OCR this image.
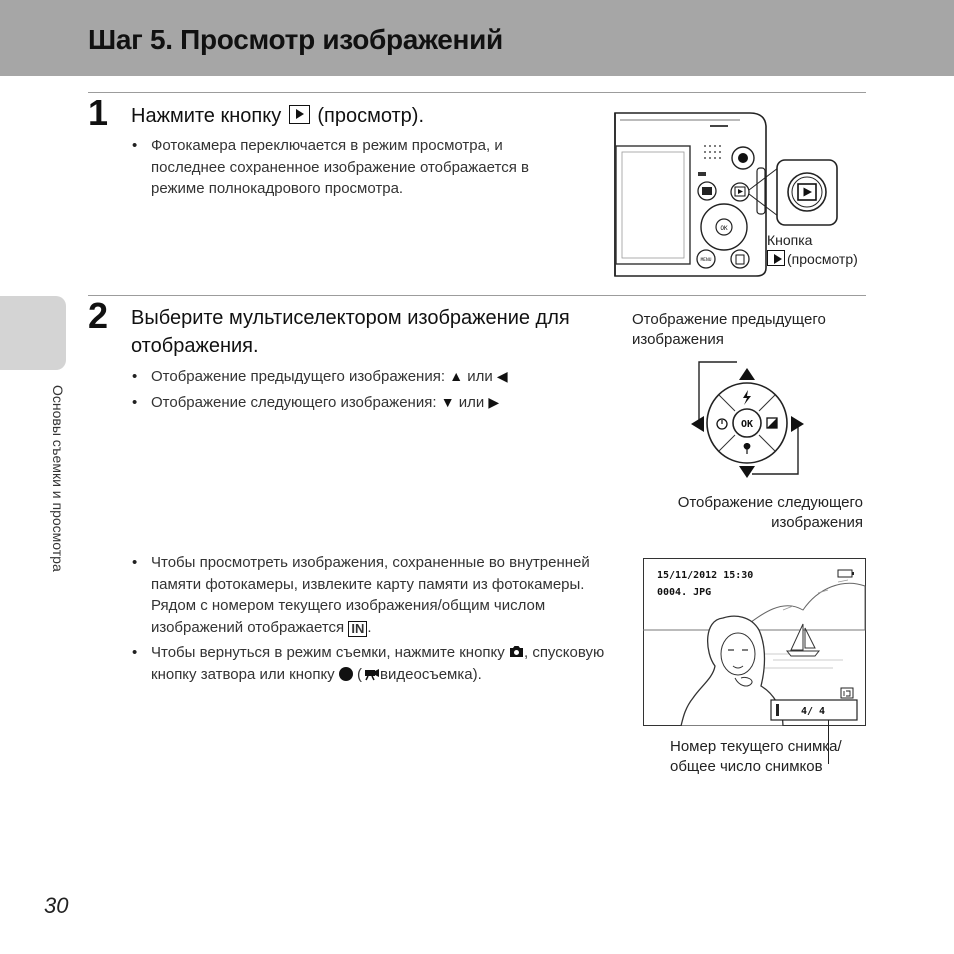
Шаг 5. Просмотр изображений
Основы съемки и просмотра
1 Нажмите кнопку (просмотр).
• Фотокамера переключается в режим просмотра, и последнее сохраненное изображение отображается в режиме полнокадрового просмотра.
OK
MENU
Кнопка
(просмотр)
2 Выберите мультиселектором изображение для отображения.
• Отображение предыдущего изображения: ▲ или ◀
• Отображение следующего изображения: ▼ или ▶
Отображение предыдущего изображения
OK
Отображение следующего изображения
• Чтобы просмотреть изображения, сохраненные во внутренней памяти фотокамеры, извлеките карту памяти из фотокамеры. Рядом с номером текущего изображения/общим числом изображений отображается IN .
• Чтобы вернуться в режим съемки, нажмите кнопку , спусковую кнопку затвора или кнопку  ( видеосъемка).
15/11/2012 15:30
0004. JPG
4/ 4
Номер текущего снимка/ общее число снимков
30
